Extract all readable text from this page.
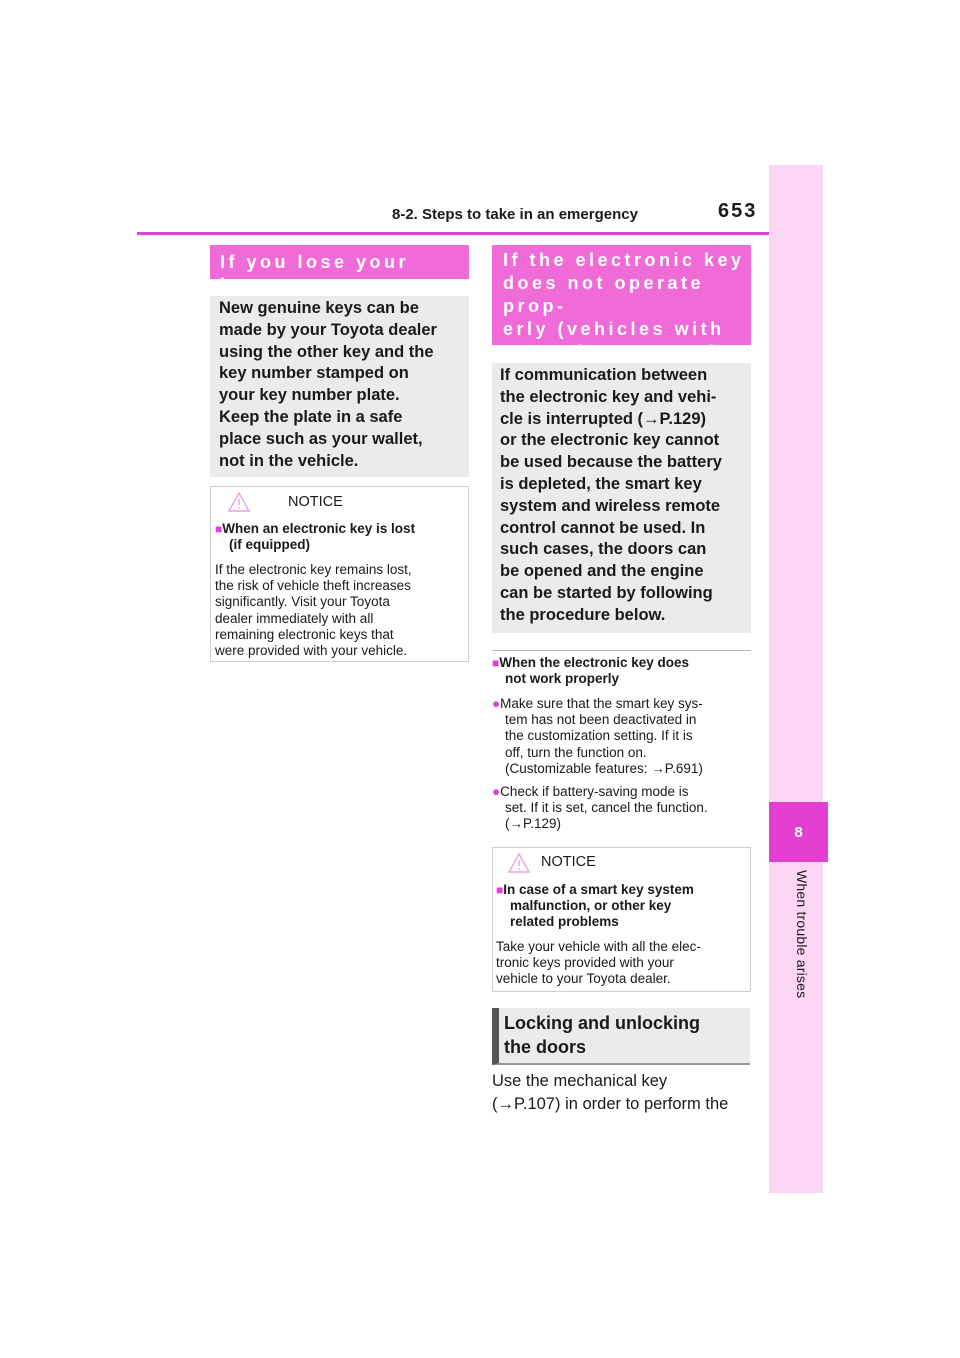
8-2. Steps to take in an emergency	653
8
When trouble arises
If you lose your keys
New genuine keys can be
made by your Toyota dealer
using the other key and the
key number stamped on
your key number plate.
Keep the plate in a safe
place such as your wallet,
not in the vehicle.
NOTICE
■When an electronic key is lost
(if equipped)
If the electronic key remains lost,
the risk of vehicle theft increases
significantly. Visit your Toyota
dealer immediately with all
remaining electronic keys that
were provided with your vehicle.
If the electronic key
does not operate prop-
erly (vehicles with
smart key system)
If communication between
the electronic key and vehi-
cle is interrupted (→P.129)
or the electronic key cannot
be used because the battery
is depleted, the smart key
system and wireless remote
control cannot be used. In
such cases, the doors can
be opened and the engine
can be started by following
the procedure below.
■When the electronic key does
not work properly
●Make sure that the smart key sys-
tem has not been deactivated in
the customization setting. If it is
off, turn the function on.
(Customizable features: →P.691)
●Check if battery-saving mode is
set. If it is set, cancel the function.
(→P.129)
NOTICE
■In case of a smart key system
malfunction, or other key
related problems
Take your vehicle with all the elec-
tronic keys provided with your
vehicle to your Toyota dealer.
Locking and unlocking
the doors
Use the mechanical key
(→P.107) in order to perform the
